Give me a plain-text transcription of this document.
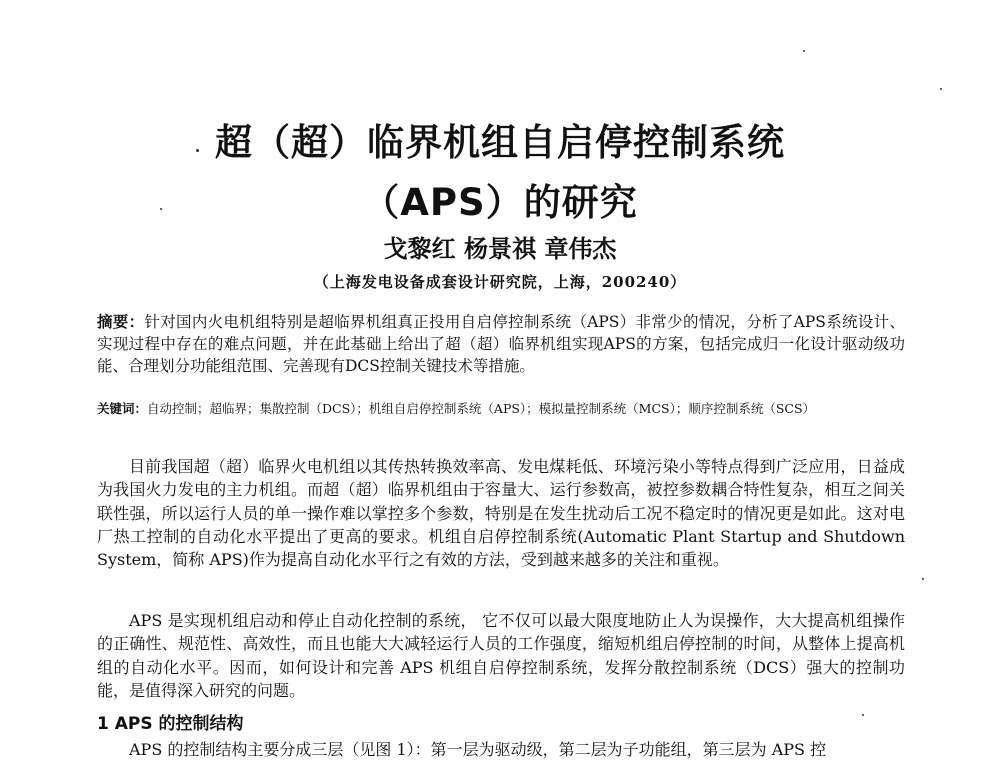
超（超）临界机组自启停控制系统
（APS）的研究

戈黎红 杨景祺 章伟杰

（上海发电设备成套设计研究院，上海，200240）

摘要：针对国内火电机组特别是超临界机组真正投用自启停控制系统（APS）非常少的情况，分析了APS系统设计、实现过程中存在的难点问题，并在此基础上给出了超（超）临界机组实现APS的方案，包括完成归一化设计驱动级功能、合理划分功能组范围、完善现有DCS控制关键技术等措施。

关键词：自动控制；超临界；集散控制（DCS）；机组自启停控制系统（APS）；模拟量控制系统（MCS）；顺序控制系统（SCS）

目前我国超（超）临界火电机组以其传热转换效率高、发电煤耗低、环境污染小等特点得到广泛应用，日益成为我国火力发电的主力机组。而超（超）临界机组由于容量大、运行参数高，被控参数耦合特性复杂，相互之间关联性强，所以运行人员的单一操作难以掌控多个参数，特别是在发生扰动后工况不稳定时的情况更是如此。这对电厂热工控制的自动化水平提出了更高的要求。机组自启停控制系统(Automatic Plant Startup and Shutdown System，简称 APS)作为提高自动化水平行之有效的方法，受到越来越多的关注和重视。

APS 是实现机组启动和停止自动化控制的系统， 它不仅可以最大限度地防止人为误操作，大大提高机组操作的正确性、规范性、高效性，而且也能大大减轻运行人员的工作强度，缩短机组启停控制的时间，从整体上提高机组的自动化水平。因而，如何设计和完善 APS 机组自启停控制系统，发挥分散控制系统（DCS）强大的控制功能，是值得深入研究的问题。

1 APS 的控制结构

APS 的控制结构主要分成三层（见图 1）：第一层为驱动级，第二层为子功能组，第三层为 APS 控
